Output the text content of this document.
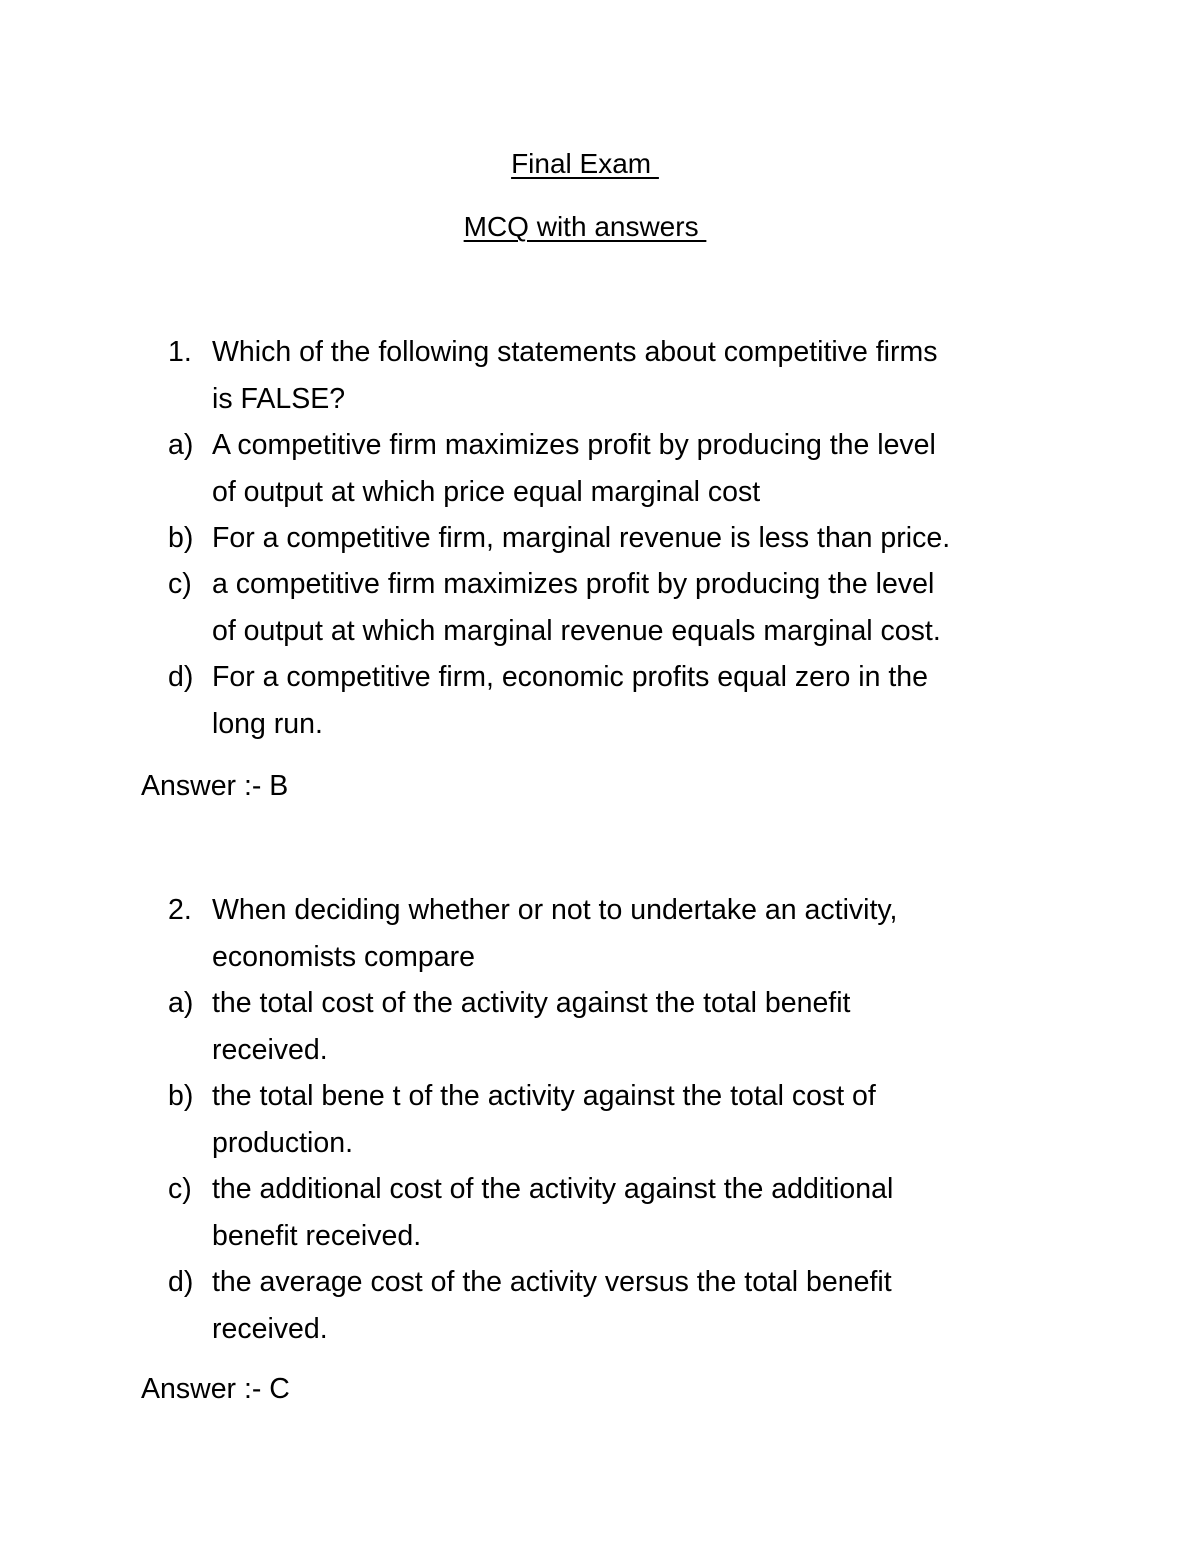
Final Exam
MCQ with answers
1. Which of the following statements about competitive firms
is FALSE?
a) A competitive firm maximizes profit by producing the level
of output at which price equal marginal cost
b) For a competitive firm, marginal revenue is less than price.
c) a competitive firm maximizes profit by producing the level
of output at which marginal revenue equals marginal cost.
d) For a competitive firm, economic profits equal zero in the
long run.
Answer :- B
2. When deciding whether or not to undertake an activity,
economists compare
a) the total cost of the activity against the total benefit
received.
b) the total bene t of the activity against the total cost of
production.
c) the additional cost of the activity against the additional
benefit received.
d) the average cost of the activity versus the total benefit
received.
Answer :- C
